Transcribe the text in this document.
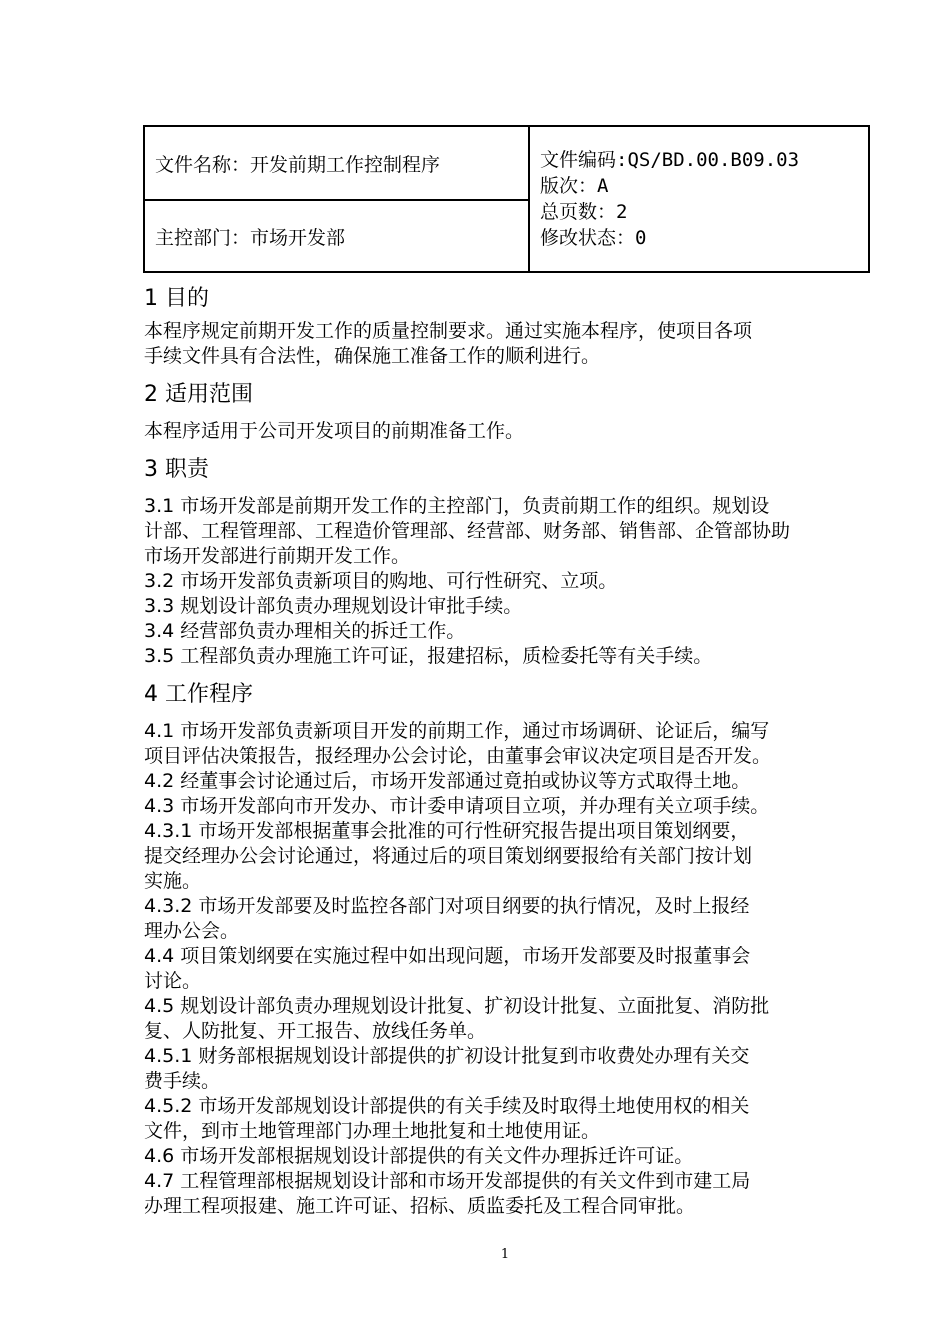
文件名称：开发前期工作控制程序	文件编码:QS/BD.00.B09.03
版次：A
总页数：2
修改状态：0

主控部门：市场开发部
1 目的

本程序规定前期开发工作的质量控制要求。通过实施本程序，使项目各项

手续文件具有合法性，确保施工准备工作的顺利进行。

2 适用范围

本程序适用于公司开发项目的前期准备工作。

3 职责

3.1 市场开发部是前期开发工作的主控部门，负责前期工作的组织。规划设

计部、工程管理部、工程造价管理部、经营部、财务部、销售部、企管部协助

市场开发部进行前期开发工作。

3.2 市场开发部负责新项目的购地、可行性研究、立项。

3.3 规划设计部负责办理规划设计审批手续。

3.4 经营部负责办理相关的拆迁工作。

3.5 工程部负责办理施工许可证，报建招标，质检委托等有关手续。

4 工作程序

4.1 市场开发部负责新项目开发的前期工作，通过市场调研、论证后，编写

项目评估决策报告，报经理办公会讨论，由董事会审议决定项目是否开发。

4.2 经董事会讨论通过后，市场开发部通过竟拍或协议等方式取得土地。

4.3 市场开发部向市开发办、市计委申请项目立项，并办理有关立项手续。

4.3.1 市场开发部根据董事会批准的可行性研究报告提出项目策划纲要，

提交经理办公会讨论通过，将通过后的项目策划纲要报给有关部门按计划

实施。

4.3.2 市场开发部要及时监控各部门对项目纲要的执行情况，及时上报经

理办公会。

4.4 项目策划纲要在实施过程中如出现问题，市场开发部要及时报董事会

讨论。

4.5 规划设计部负责办理规划设计批复、扩初设计批复、立面批复、消防批

复、人防批复、开工报告、放线任务单。

4.5.1 财务部根据规划设计部提供的扩初设计批复到市收费处办理有关交

费手续。

4.5.2 市场开发部规划设计部提供的有关手续及时取得土地使用权的相关

文件，到市土地管理部门办理土地批复和土地使用证。

4.6 市场开发部根据规划设计部提供的有关文件办理拆迁许可证。

4.7 工程管理部根据规划设计部和市场开发部提供的有关文件到市建工局

办理工程项报建、施工许可证、招标、质监委托及工程合同审批。

1
